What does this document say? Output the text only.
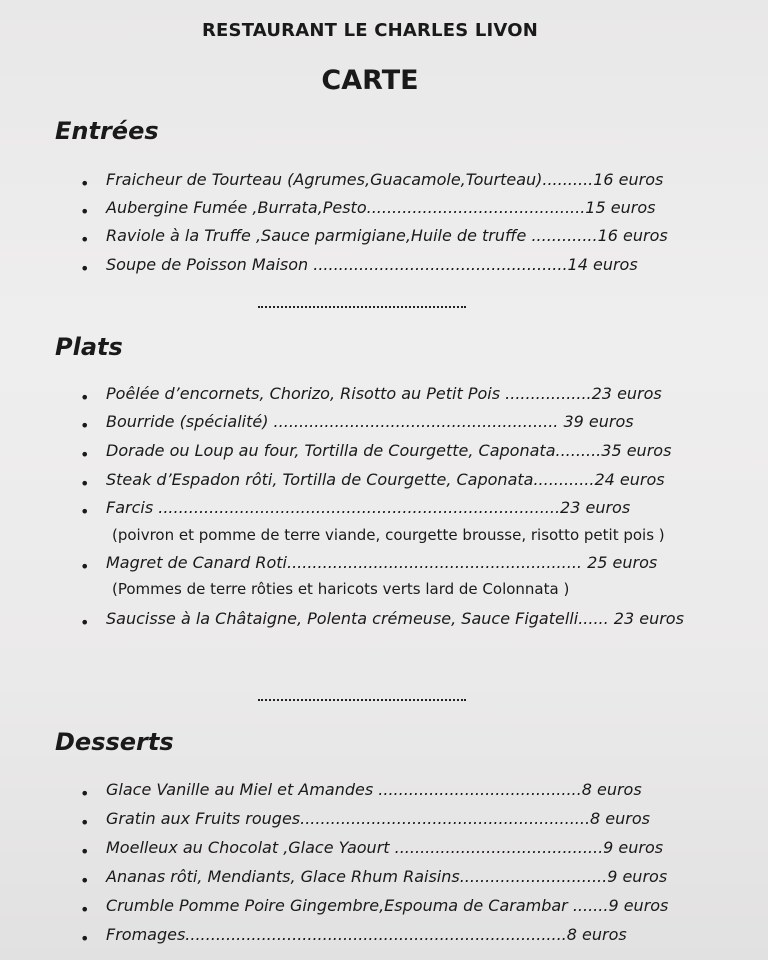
RESTAURANT LE CHARLES LIVON
CARTE
Entrées
• Fraicheur de Tourteau (Agrumes,Guacamole,Tourteau)..........16 euros
• Aubergine Fumée ,Burrata,Pesto...........................................15 euros
• Raviole à la Truffe ,Sauce parmigiane,Huile de truffe .............16 euros
• Soupe de Poisson Maison ..................................................14 euros
Plats
• Poêlée d’encornets, Chorizo, Risotto au Petit Pois .................23 euros
• Bourride (spécialité) ........................................................ 39 euros
• Dorade ou Loup au four, Tortilla de Courgette, Caponata.........35 euros
• Steak d’Espadon rôti, Tortilla de Courgette, Caponata............24 euros
• Farcis ...............................................................................23 euros
(poivron et pomme de terre viande, courgette brousse, risotto petit pois )
• Magret de Canard Roti.......................................................... 25 euros
(Pommes de terre rôties et haricots verts lard de Colonnata )
• Saucisse à la Châtaigne, Polenta crémeuse, Sauce Figatelli...... 23 euros
Desserts
• Glace Vanille au Miel et Amandes ........................................8 euros
• Gratin aux Fruits rouges.........................................................8 euros
• Moelleux au Chocolat ,Glace Yaourt .........................................9 euros
• Ananas rôti, Mendiants, Glace Rhum Raisins.............................9 euros
• Crumble Pomme Poire Gingembre,Espouma de Carambar .......9 euros
• Fromages...........................................................................8 euros
